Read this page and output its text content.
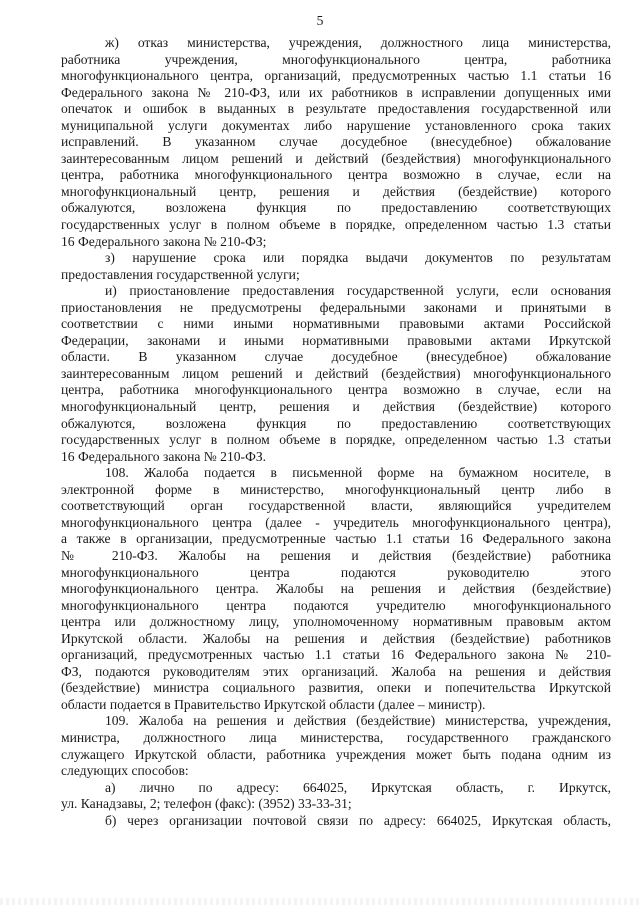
5
ж) отказ министерства, учреждения, должностного лица министерства,
работника учреждения, многофункционального центра, работника
многофункционального центра, организаций, предусмотренных частью 1.1 статьи 16
Федерального закона № 210-ФЗ, или их работников в исправлении допущенных ими
опечаток и ошибок в выданных в результате предоставления государственной или
муниципальной услуги документах либо нарушение установленного срока таких
исправлений. В указанном случае досудебное (внесудебное) обжалование
заинтересованным лицом решений и действий (бездействия) многофункционального
центра, работника многофункционального центра возможно в случае, если на
многофункциональный центр, решения и действия (бездействие) которого
обжалуются, возложена функция по предоставлению соответствующих
государственных услуг в полном объеме в порядке, определенном частью 1.3 статьи
16 Федерального закона № 210-ФЗ;
з) нарушение срока или порядка выдачи документов по результатам
предоставления государственной услуги;
и) приостановление предоставления государственной услуги, если основания
приостановления не предусмотрены федеральными законами и принятыми в
соответствии с ними иными нормативными правовыми актами Российской
Федерации, законами и иными нормативными правовыми актами Иркутской
области. В указанном случае досудебное (внесудебное) обжалование
заинтересованным лицом решений и действий (бездействия) многофункционального
центра, работника многофункционального центра возможно в случае, если на
многофункциональный центр, решения и действия (бездействие) которого
обжалуются, возложена функция по предоставлению соответствующих
государственных услуг в полном объеме в порядке, определенном частью 1.3 статьи
16 Федерального закона № 210-ФЗ.
108. Жалоба подается в письменной форме на бумажном носителе, в
электронной форме в министерство, многофункциональный центр либо в
соответствующий орган государственной власти, являющийся учредителем
многофункционального центра (далее - учредитель многофункционального центра),
а также в организации, предусмотренные частью 1.1 статьи 16 Федерального закона
№ 210-ФЗ. Жалобы на решения и действия (бездействие) работника
многофункционального центра подаются руководителю этого
многофункционального центра. Жалобы на решения и действия (бездействие)
многофункционального центра подаются учредителю многофункционального
центра или должностному лицу, уполномоченному нормативным правовым актом
Иркутской области. Жалобы на решения и действия (бездействие) работников
организаций, предусмотренных частью 1.1 статьи 16 Федерального закона № 210-
ФЗ, подаются руководителям этих организаций. Жалоба на решения и действия
(бездействие) министра социального развития, опеки и попечительства Иркутской
области подается в Правительство Иркутской области (далее – министр).
109. Жалоба на решения и действия (бездействие) министерства, учреждения,
министра, должностного лица министерства, государственного гражданского
служащего Иркутской области, работника учреждения может быть подана одним из
следующих способов:
а) лично по адресу: 664025, Иркутская область, г. Иркутск,
ул. Канадзавы, 2; телефон (факс): (3952) 33-33-31;
б) через организации почтовой связи по адресу: 664025, Иркутская область,
